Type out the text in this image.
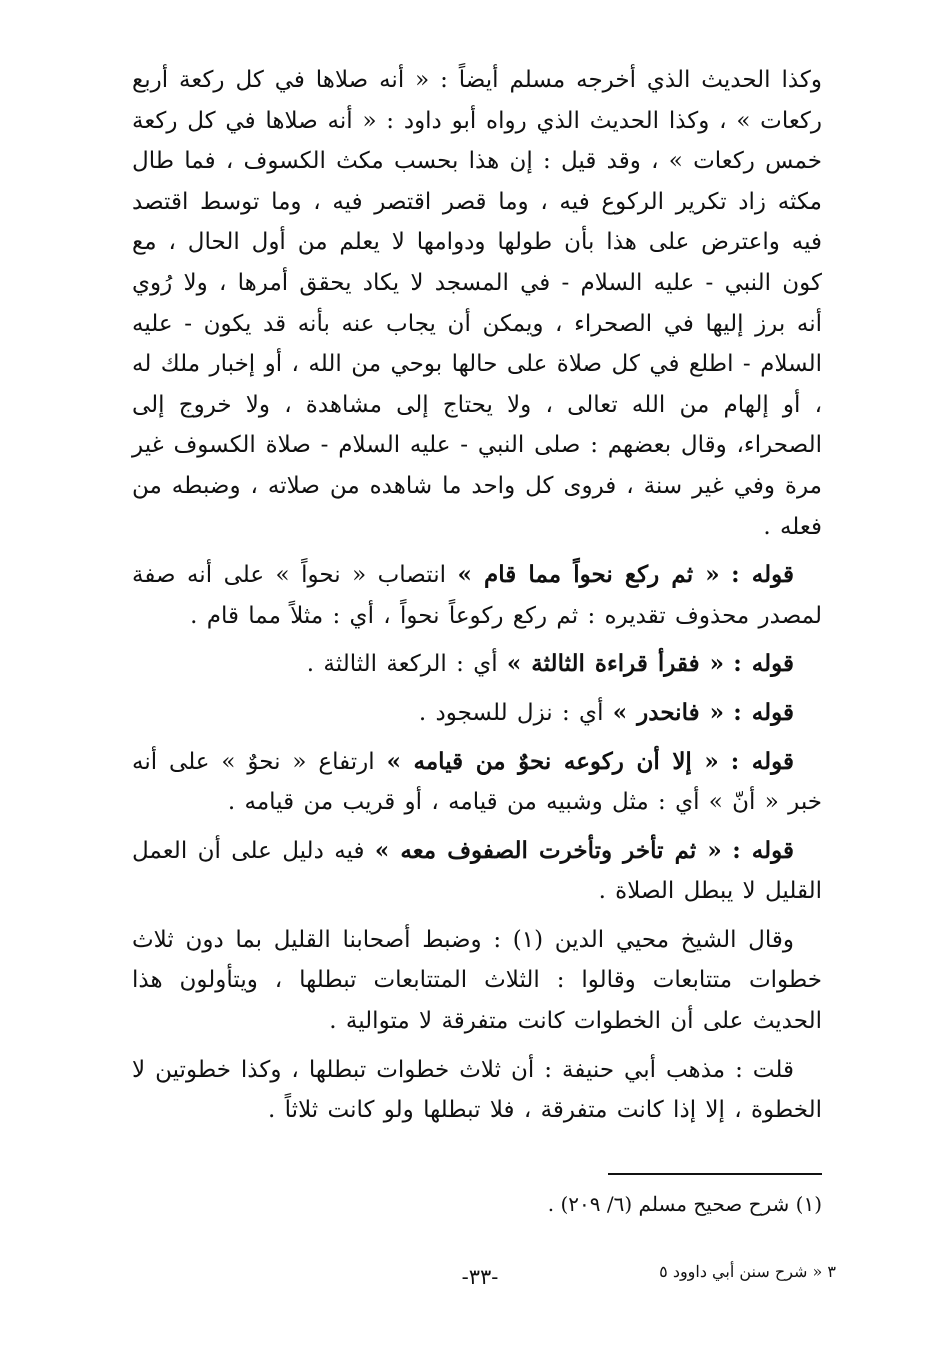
وكذا الحديث الذي أخرجه مسلم أيضاً : « أنه صلاها في كل ركعة أربع ركعات » ، وكذا الحديث الذي رواه أبو داود : « أنه صلاها في كل ركعة خمس ركعات » ، وقد قيل : إن هذا بحسب مكث الكسوف ، فما طال مكثه زاد تكرير الركوع فيه ، وما قصر اقتصر فيه ، وما توسط اقتصد فيه واعترض على هذا بأن طولها ودوامها لا يعلم من أول الحال ، مع كون النبي - عليه السلام - في المسجد لا يكاد يحقق أمرها ، ولا رُوي أنه برز إليها في الصحراء ، ويمكن أن يجاب عنه بأنه قد يكون - عليه السلام - اطلع في كل صلاة على حالها بوحي من الله ، أو إخبار ملك له ، أو إلهام من الله تعالى ، ولا يحتاج إلى مشاهدة ، ولا خروج إلى الصحراء، وقال بعضهم : صلى النبي - عليه السلام - صلاة الكسوف غير مرة وفي غير سنة ، فروى كل واحد ما شاهده من صلاته ، وضبطه من فعله .

قوله : « ثم ركع نحواً مما قام » انتصاب « نحواً » على أنه صفة لمصدر محذوف تقديره : ثم ركع ركوعاً نحواً ، أي : مثلاً مما قام .

قوله : « فقرأ قراءة الثالثة » أي : الركعة الثالثة .

قوله : « فانحدر » أي : نزل للسجود .

قوله : « إلا أن ركوعه نحوٌ من قيامه » ارتفاع « نحوٌ » على أنه خبر « أنّ » أي : مثل وشبيه من قيامه ، أو قريب من قيامه .

قوله : « ثم تأخر وتأخرت الصفوف معه » فيه دليل على أن العمل القليل لا يبطل الصلاة .

وقال الشيخ محيي الدين (١) : وضبط أصحابنا القليل بما دون ثلاث خطوات متتابعات وقالوا : الثلاث المتتابعات تبطلها ، ويتأولون هذا الحديث على أن الخطوات كانت متفرقة لا متوالية .

قلت : مذهب أبي حنيفة : أن ثلاث خطوات تبطلها ، وكذا خطوتين لا الخطوة ، إلا إذا كانت متفرقة ، فلا تبطلها ولو كانت ثلاثاً .

(١) شرح صحيح مسلم (٦/ ٢٠٩) .

-٣٣-	٣ « شرح سنن أبي داوود ٥
